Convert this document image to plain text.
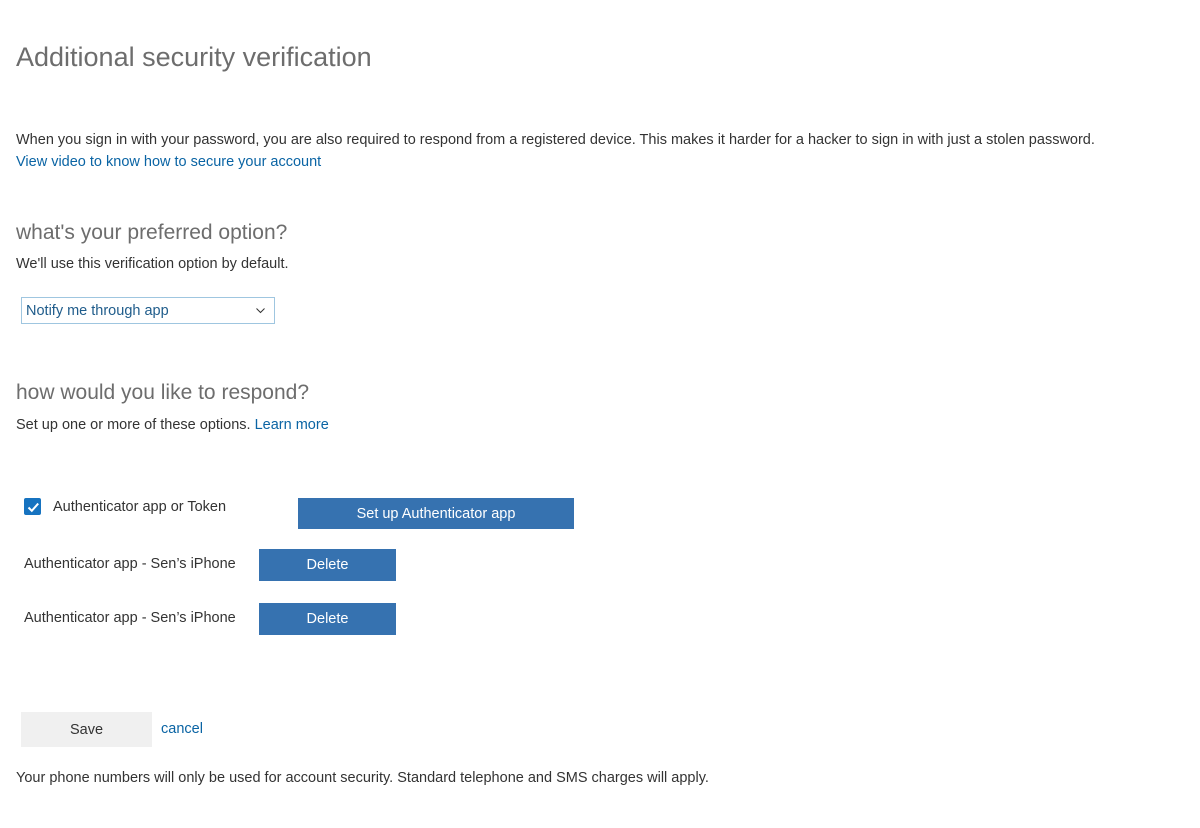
Additional security verification
When you sign in with your password, you are also required to respond from a registered device. This makes it harder for a hacker to sign in with just a stolen password.
View video to know how to secure your account
what's your preferred option?
We'll use this verification option by default.
Notify me through app
how would you like to respond?
Set up one or more of these options. Learn more
Authenticator app or Token	Set up Authenticator app
Authenticator app - Sen’s iPhone	Delete
Authenticator app - Sen’s iPhone	Delete
Save	cancel
Your phone numbers will only be used for account security. Standard telephone and SMS charges will apply.
